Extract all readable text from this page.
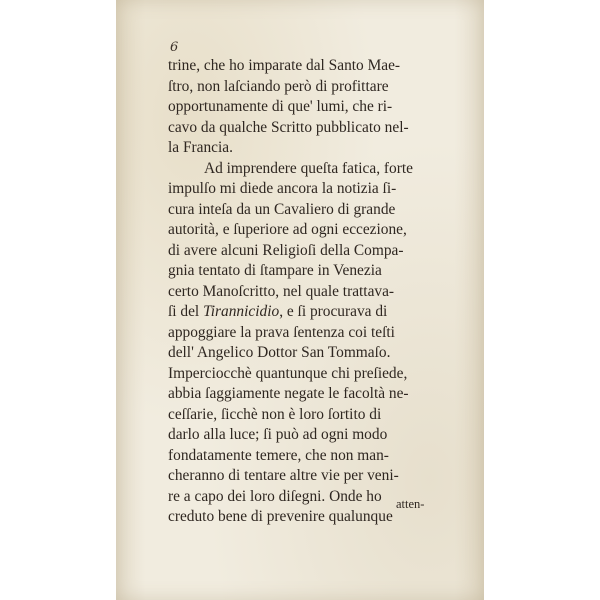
6
trine, che ho imparate dal Santo Mae-
ſtro, non laſciando però di profittare
opportunamente di que' lumi, che ri-
cavo da qualche Scritto pubblicato nel-
la Francia.
Ad imprendere queſta fatica, forte
impulſo mi diede ancora la notizia ſi-
cura inteſa da un Cavaliero di grande
autorità, e ſuperiore ad ogni eccezione,
di avere alcuni Religioſi della Compa-
gnia tentato di ſtampare in Venezia
certo Manoſcritto, nel quale trattava-
ſi del Tirannicidio, e ſi procurava di
appoggiare la prava ſentenza coi teſti
dell' Angelico Dottor San Tommaſo.
Imperciocchè quantunque chi preſiede,
abbia ſaggiamente negate le facoltà ne-
ceſſarie, ſicchè non è loro ſortito di
darlo alla luce; ſi può ad ogni modo
fondatamente temere, che non man-
cheranno di tentare altre vie per veni-
re a capo dei loro diſegni. Onde ho
creduto bene di prevenire qualunque
atten-
